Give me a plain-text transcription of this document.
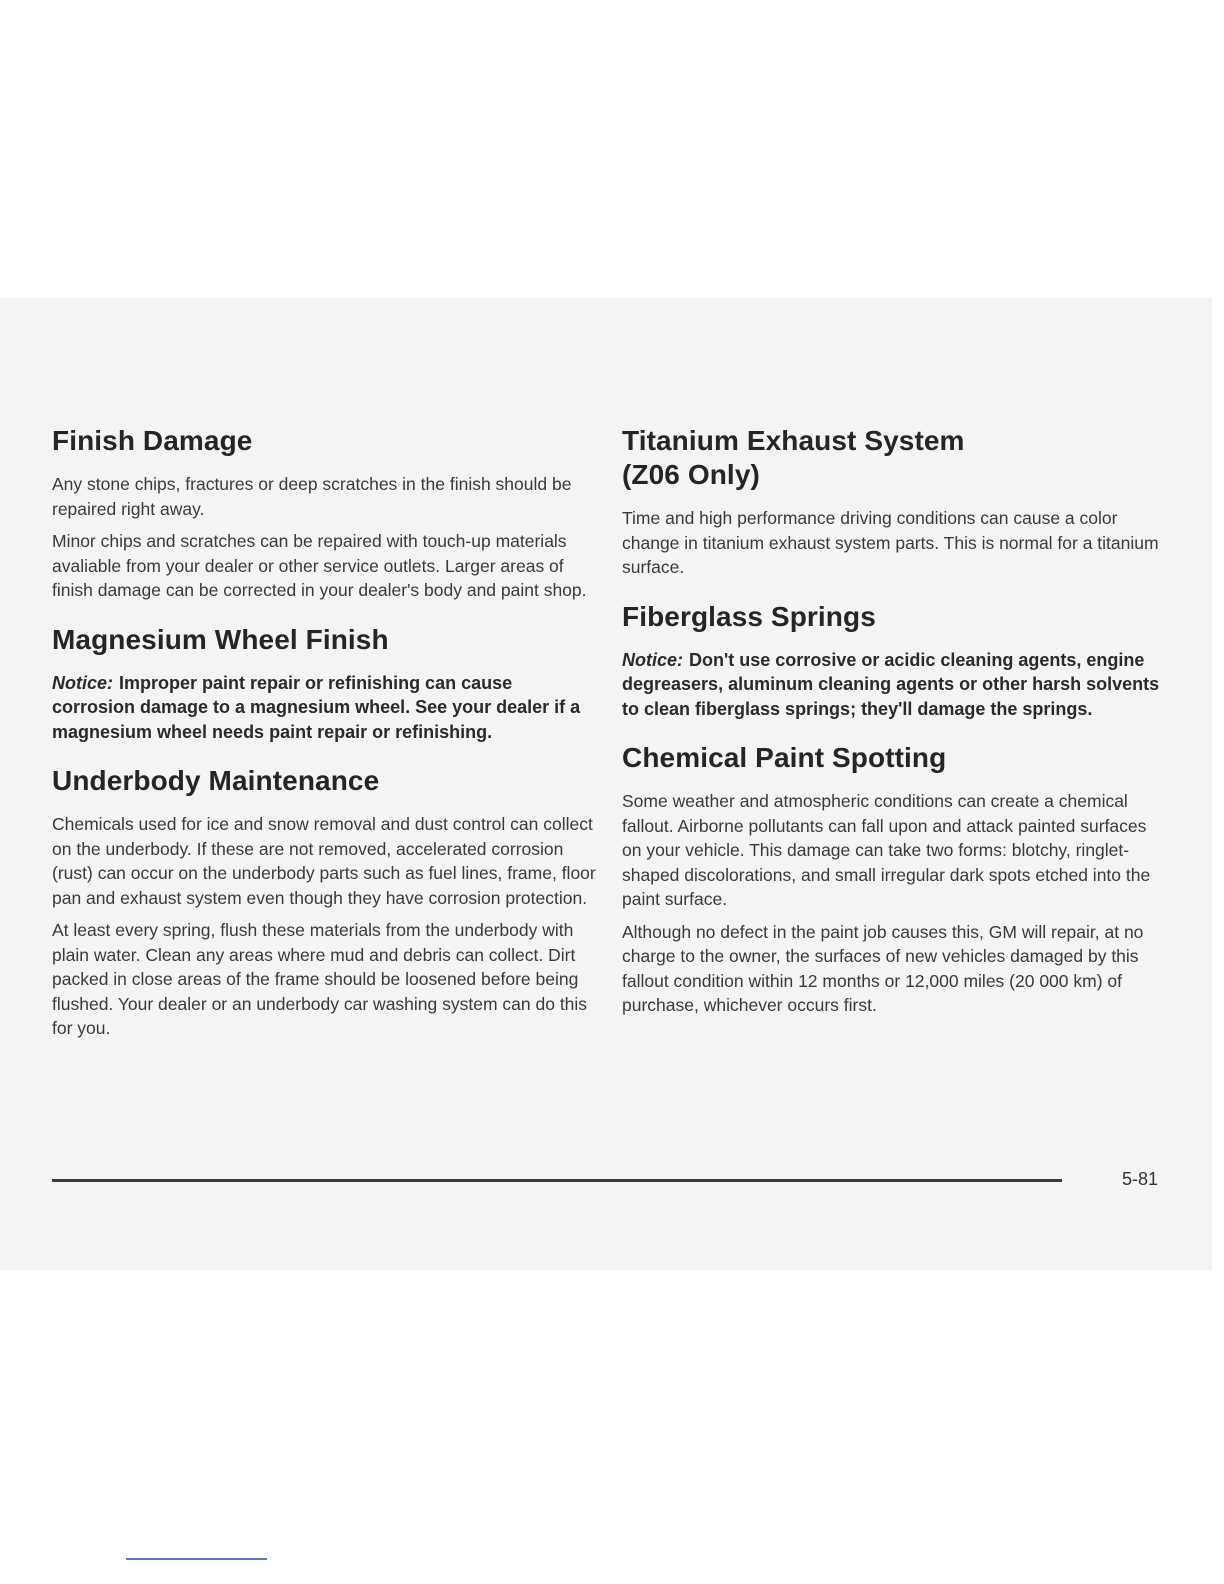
Finish Damage

Any stone chips, fractures or deep scratches in the finish should be repaired right away.

Minor chips and scratches can be repaired with touch-up materials avaliable from your dealer or other service outlets. Larger areas of finish damage can be corrected in your dealer's body and paint shop.

Magnesium Wheel Finish

Notice: Improper paint repair or refinishing can cause corrosion damage to a magnesium wheel. See your dealer if a magnesium wheel needs paint repair or refinishing.

Underbody Maintenance

Chemicals used for ice and snow removal and dust control can collect on the underbody. If these are not removed, accelerated corrosion (rust) can occur on the underbody parts such as fuel lines, frame, floor pan and exhaust system even though they have corrosion protection.

At least every spring, flush these materials from the underbody with plain water. Clean any areas where mud and debris can collect. Dirt packed in close areas of the frame should be loosened before being flushed. Your dealer or an underbody car washing system can do this for you.

Titanium Exhaust System
(Z06 Only)

Time and high performance driving conditions can cause a color change in titanium exhaust system parts. This is normal for a titanium surface.

Fiberglass Springs

Notice: Don't use corrosive or acidic cleaning agents, engine degreasers, aluminum cleaning agents or other harsh solvents to clean fiberglass springs; they'll damage the springs.

Chemical Paint Spotting

Some weather and atmospheric conditions can create a chemical fallout. Airborne pollutants can fall upon and attack painted surfaces on your vehicle. This damage can take two forms: blotchy, ringlet-shaped discolorations, and small irregular dark spots etched into the paint surface.

Although no defect in the paint job causes this, GM will repair, at no charge to the owner, the surfaces of new vehicles damaged by this fallout condition within 12 months or 12,000 miles (20 000 km) of purchase, whichever occurs first.

5-81
